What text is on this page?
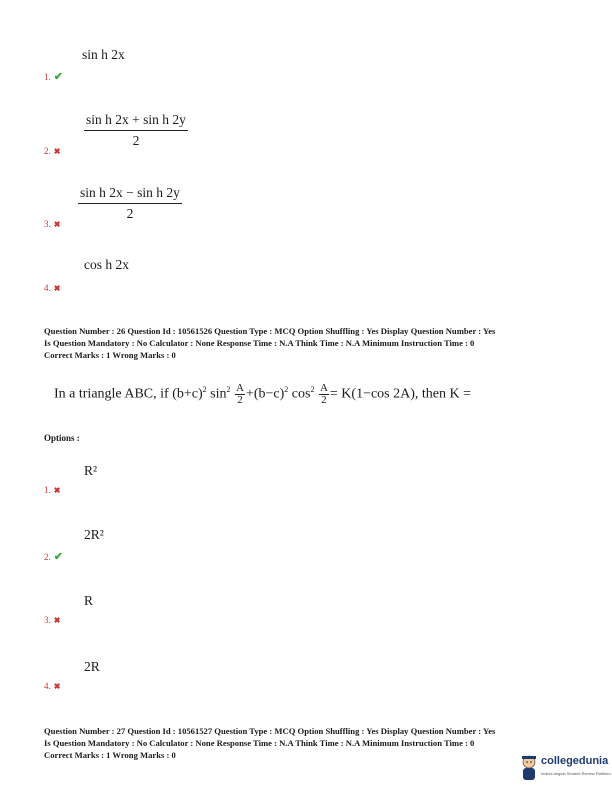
sin h 2x
1. ✔
$\frac{\text{sin h 2x + sin h 2y}}{2}$
2. ✖
$\frac{\text{sin h 2x − sin h 2y}}{2}$
3. ✖
cos h 2x
4. ✖
Question Number : 26 Question Id : 10561526 Question Type : MCQ Option Shuffling : Yes Display Question Number : Yes
Is Question Mandatory : No Calculator : None Response Time : N.A Think Time : N.A Minimum Instruction Time : 0
Correct Marks : 1 Wrong Marks : 0
In a triangle ABC, if $(b+c)^2$ $\sin^2 \frac{A}{2} +(b-c)^2$ $\cos^2 \frac{A}{2} = K(1-\cos$ 2A), then K =
Options :
R²
1. ✖
2R²
2. ✔
R
3. ✖
2R
4. ✖
Question Number : 27 Question Id : 10561527 Question Type : MCQ Option Shuffling : Yes Display Question Number : Yes
Is Question Mandatory : No Calculator : None Response Time : N.A Think Time : N.A Minimum Instruction Time : 0
Correct Marks : 1 Wrong Marks : 0	collegedunia
India's largest Student Review Platform
